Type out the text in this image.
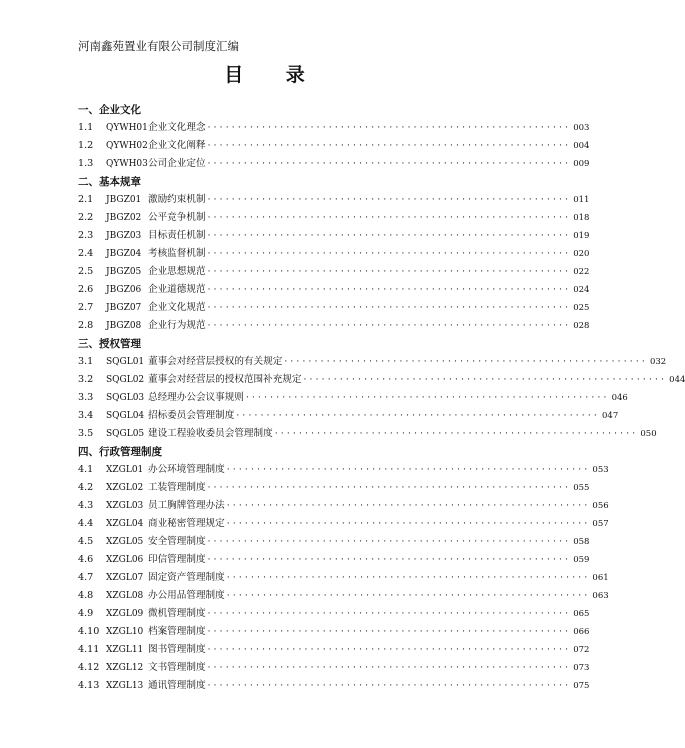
河南鑫苑置业有限公司制度汇编
目 录
一、企业文化
1.1	QYWH01 企业文化理念 ···························································· 003
1.2	QYWH02 企业文化阐释 ···························································· 004
1.3	QYWH03 公司企业定位 ···························································· 009
二、基本规章
2.1	JBGZ01 激励约束机制 ···························································· 011
2.2	JBGZ02 公平竞争机制 ···························································· 018
2.3	JBGZ03 目标责任机制 ···························································· 019
2.4	JBGZ04 考核监督机制 ···························································· 020
2.5	JBGZ05 企业思想规范 ···························································· 022
2.6	JBGZ06 企业道德规范 ···························································· 024
2.7	JBGZ07 企业文化规范 ···························································· 025
2.8	JBGZ08 企业行为规范 ···························································· 028
三、授权管理
3.1	SQGL01 董事会对经营层授权的有关规定 ···························································· 032
3.2	SQGL02 董事会对经营层的授权范围补充规定 ···························································· 044
3.3	SQGL03 总经理办公会议事规则 ···························································· 046
3.4	SQGL04 招标委员会管理制度 ···························································· 047
3.5	SQGL05 建设工程验收委员会管理制度 ···························································· 050
四、行政管理制度
4.1	XZGL01 办公环境管理制度 ···························································· 053
4.2	XZGL02 工装管理制度 ···························································· 055
4.3	XZGL03 员工胸牌管理办法 ···························································· 056
4.4	XZGL04 商业秘密管理规定 ···························································· 057
4.5	XZGL05 安全管理制度 ···························································· 058
4.6	XZGL06 印信管理制度 ···························································· 059
4.7	XZGL07 固定资产管理制度 ···························································· 061
4.8	XZGL08 办公用品管理制度 ···························································· 063
4.9	XZGL09 微机管理制度 ···························································· 065
4.10 XZGL10 档案管理制度 ···························································· 066
4.11 XZGL11 图书管理制度 ···························································· 072
4.12 XZGL12 文书管理制度 ···························································· 073
4.13 XZGL13 通讯管理制度 ···························································· 075
